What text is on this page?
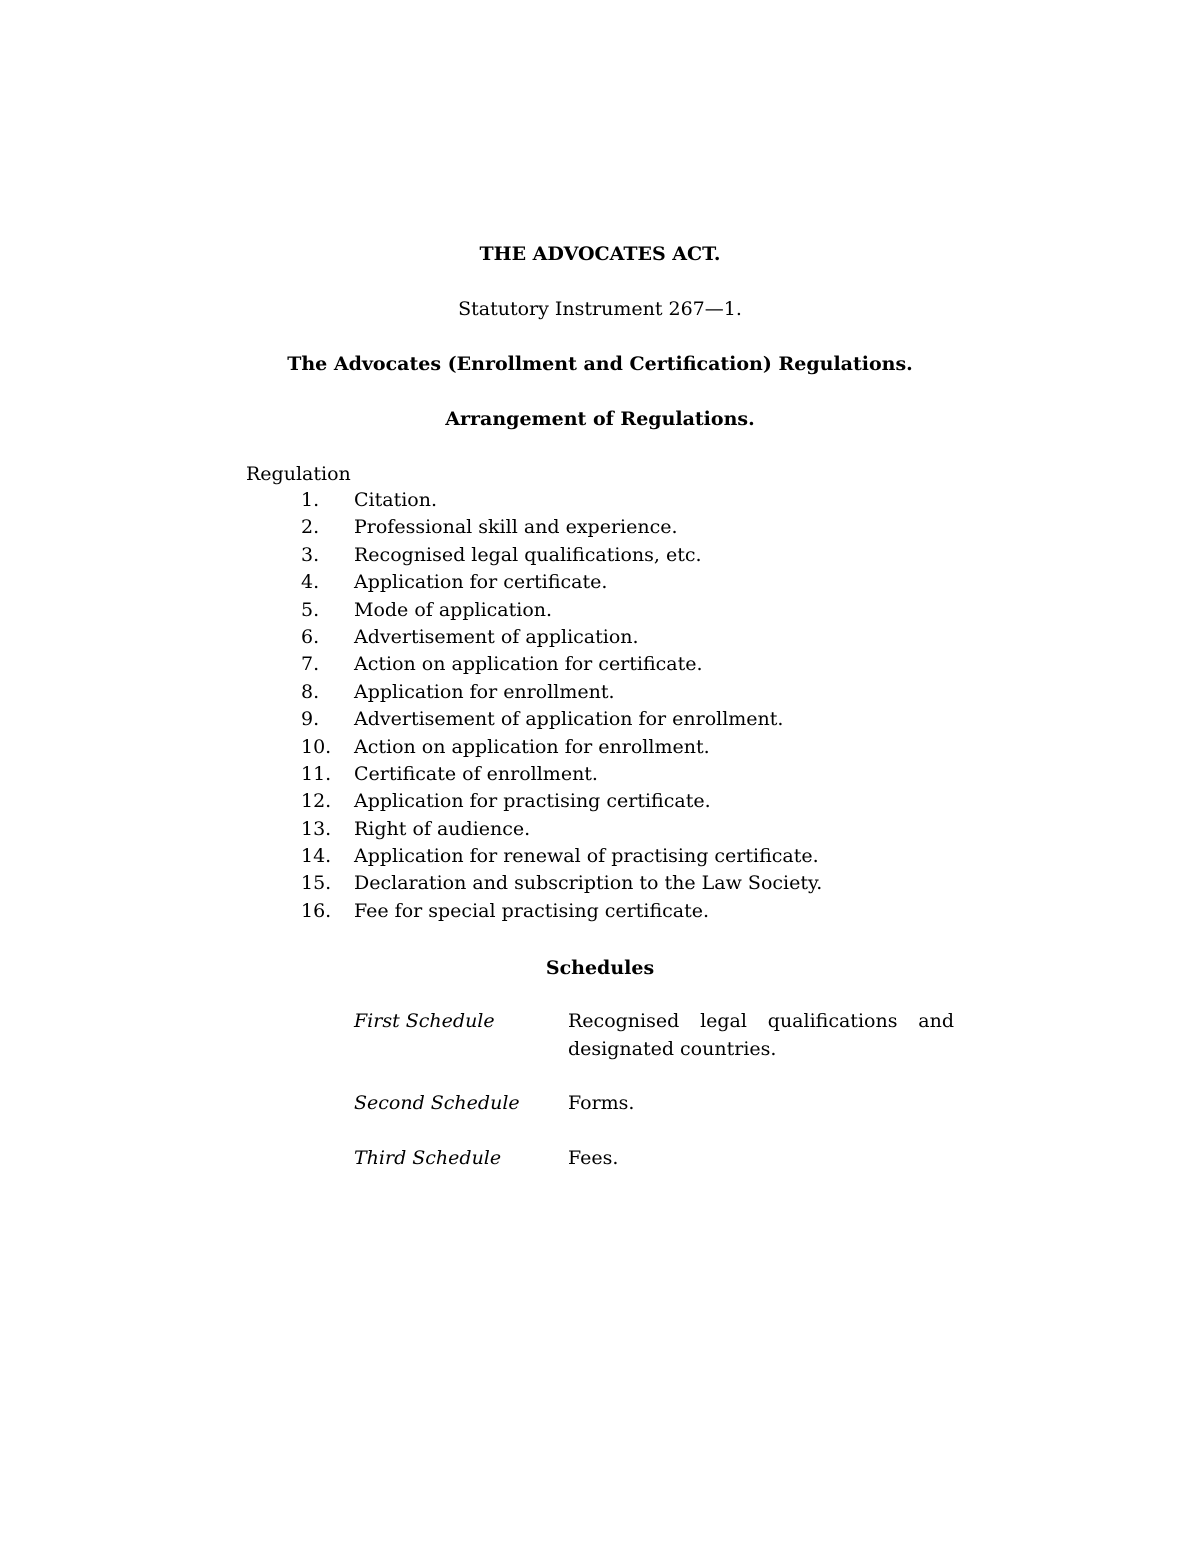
THE ADVOCATES ACT.
Statutory Instrument 267—1.
The Advocates (Enrollment and Certification) Regulations.
Arrangement of Regulations.
Regulation
1. Citation.
2. Professional skill and experience.
3. Recognised legal qualifications, etc.
4. Application for certificate.
5. Mode of application.
6. Advertisement of application.
7. Action on application for certificate.
8. Application for enrollment.
9. Advertisement of application for enrollment.
10. Action on application for enrollment.
11. Certificate of enrollment.
12. Application for practising certificate.
13. Right of audience.
14. Application for renewal of practising certificate.
15. Declaration and subscription to the Law Society.
16. Fee for special practising certificate.
Schedules
First Schedule	Recognised legal qualifications and designated countries.
Second Schedule	Forms.
Third Schedule	Fees.
